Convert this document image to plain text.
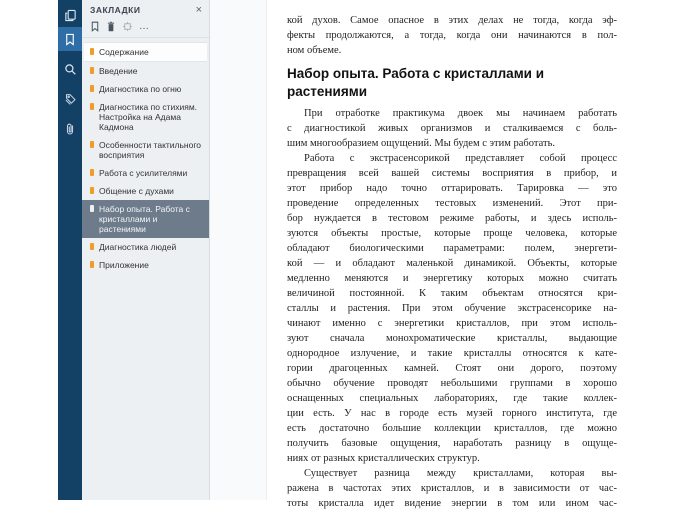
ЗАКЛАДКИ	×
…
Содержание
Введение
Диагностика по огню
Диагностика по стихиям. Настройка на Адама Кадмона
Особенности тактильного восприятия
Работа с усилителями
Общение с духами
Набор опыта. Работа с кристаллами и растениями
Диагностика людей
Приложение
кой духов. Самое опасное в этих делах не тогда, когда эф-
фекты продолжаются, а тогда, когда они начинаются в пол-
ном объеме.
Набор опыта. Работа с кристаллами и растениями
При отработке практикума двоек мы начинаем работать
с диагностикой живых организмов и сталкиваемся с боль-
шим многообразием ощущений. Мы будем с этим работать.
Работа с экстрасенсорикой представляет собой процесс
превращения всей вашей системы восприятия в прибор, и
этот прибор надо точно оттарировать. Тарировка — это
проведение определенных тестовых изменений. Этот при-
бор нуждается в тестовом режиме работы, и здесь исполь-
зуются объекты простые, которые проще человека, которые
обладают биологическими параметрами: полем, энергети-
кой — и обладают маленькой динамикой. Объекты, которые
медленно меняются и энергетику которых можно считать
величиной постоянной. К таким объектам относятся кри-
сталлы и растения. При этом обучение экстрасенсорике на-
чинают именно с энергетики кристаллов, при этом исполь-
зуют сначала монохроматические кристаллы, выдающие
однородное излучение, и такие кристаллы относятся к кате-
гории драгоценных камней. Стоят они дорого, поэтому
обычно обучение проводят небольшими группами в хорошо
оснащенных специальных лабораториях, где такие коллек-
ции есть. У нас в городе есть музей горного института, где
есть достаточно большие коллекции кристаллов, где можно
получить базовые ощущения, наработать разницу в ощуще-
ниях от разных кристаллических структур.
Существует разница между кристаллами, которая вы-
ражена в частотах этих кристаллов, и в зависимости от час-
тоты кристалла идет видение энергии в том или ином час-
